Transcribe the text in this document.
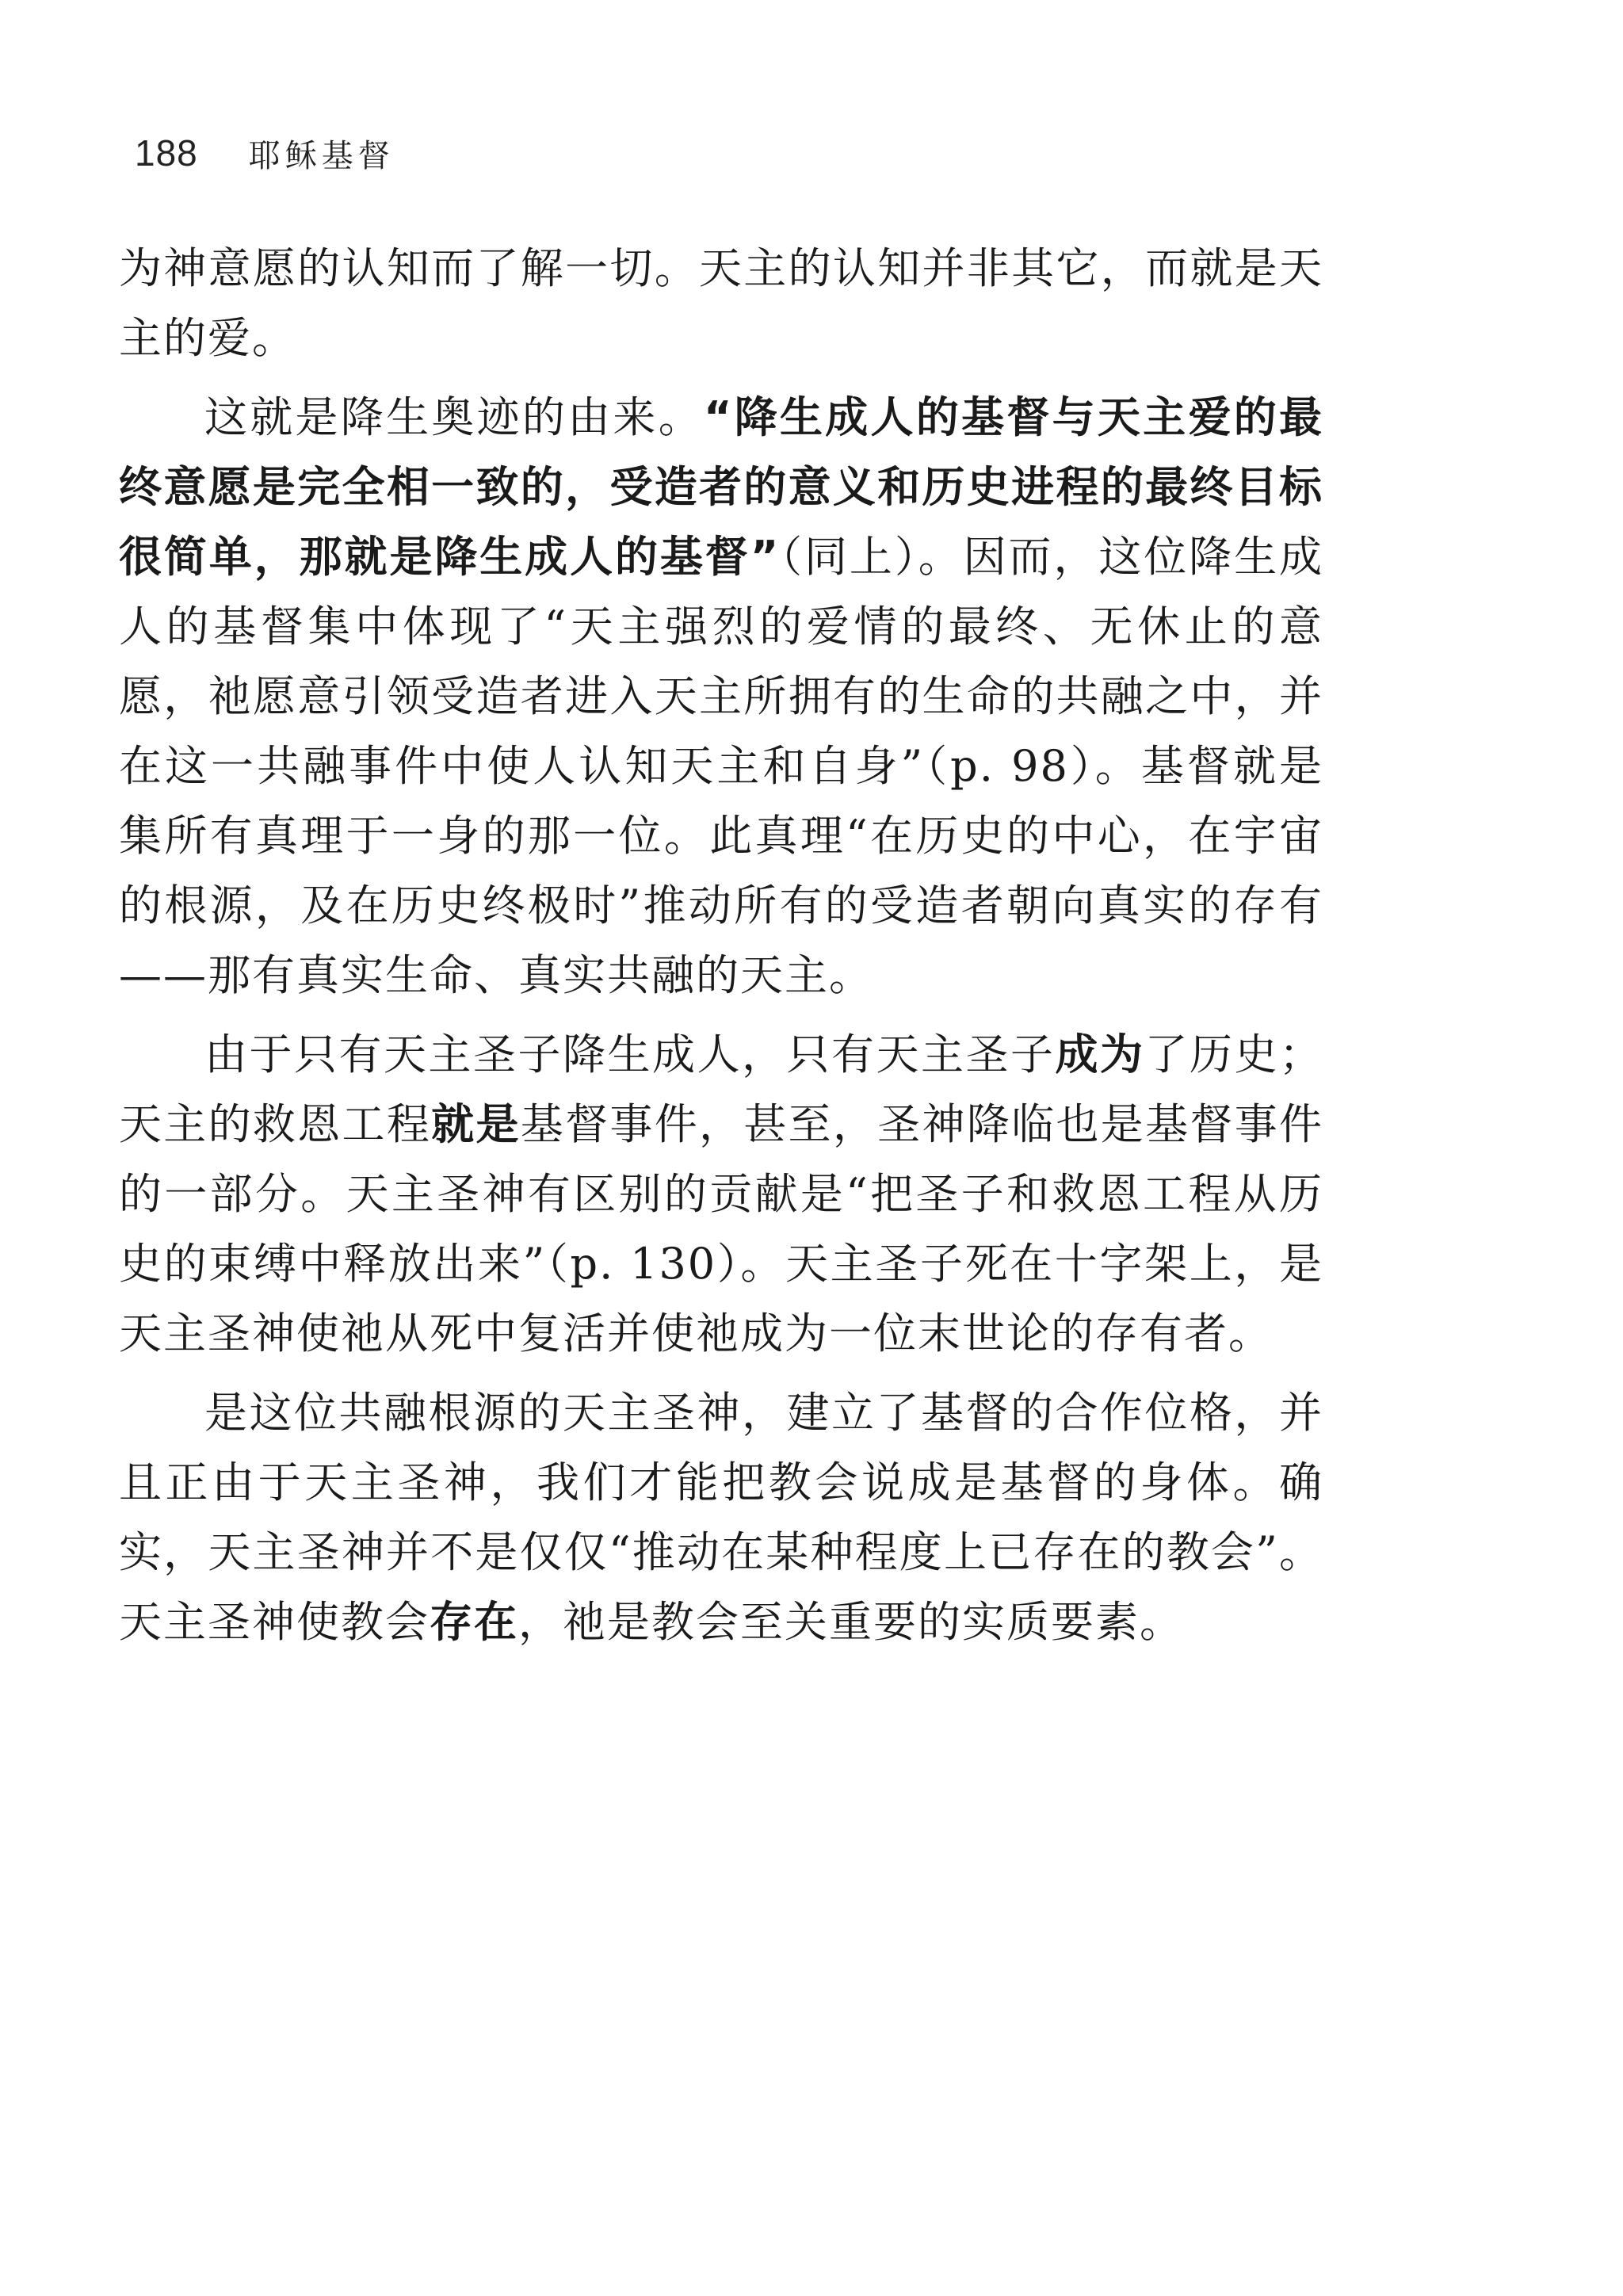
188 耶稣基督

为神意愿的认知而了解一切。天主的认知并非其它，而就是天主的爱。

这就是降生奥迹的由来。“降生成人的基督与天主爱的最终意愿是完全相一致的，受造者的意义和历史进程的最终目标很简单，那就是降生成人的基督”（同上）。因而，这位降生成人的基督集中体现了“天主强烈的爱情的最终、无休止的意愿，祂愿意引领受造者进入天主所拥有的生命的共融之中，并在这一共融事件中使人认知天主和自身”（p. 98）。基督就是集所有真理于一身的那一位。此真理“在历史的中心，在宇宙的根源，及在历史终极时”推动所有的受造者朝向真实的存有——那有真实生命、真实共融的天主。

由于只有天主圣子降生成人，只有天主圣子成为了历史；天主的救恩工程就是基督事件，甚至，圣神降临也是基督事件的一部分。天主圣神有区别的贡献是“把圣子和救恩工程从历史的束缚中释放出来”（p. 130）。天主圣子死在十字架上，是天主圣神使祂从死中复活并使祂成为一位末世论的存有者。

是这位共融根源的天主圣神，建立了基督的合作位格，并且正由于天主圣神，我们才能把教会说成是基督的身体。确实，天主圣神并不是仅仅“推动在某种程度上已存在的教会”。天主圣神使教会存在，祂是教会至关重要的实质要素。
